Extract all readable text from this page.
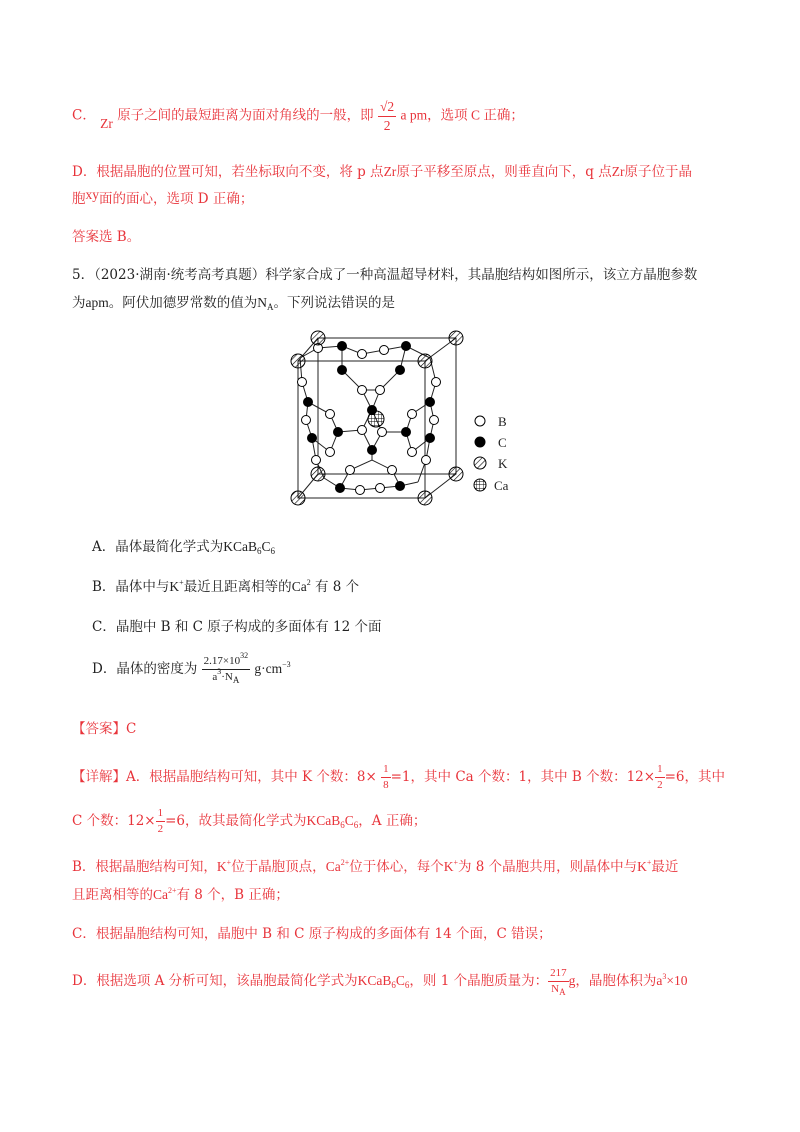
C． Zr 原子之间的最短距离为面对角线的一般，即 $\frac{√2}{2}$ a pm，选项 C 正确；
D．根据晶胞的位置可知，若坐标取向不变，将 p 点Zr原子平移至原点，则垂直向下，q 点Zr原子位于晶
胞xy面的面心，选项 D 正确；
答案选 B。
5．（2023·湖南·统考高考真题）科学家合成了一种高温超导材料，其晶胞结构如图所示，该立方晶胞参数
为apm。阿伏加德罗常数的值为$N_A$。下列说法错误的是
B
C
K
Ca
A．晶体最简化学式为$KCaB_6C_6$
B．晶体中与K+最近且距离相等的Ca$^2$ 有 8 个
C．晶胞中 B 和 C 原子构成的多面体有 12 个面
D．晶体的密度为 $\frac{2.17\times 10^{32}}{a^3\cdot N_A} g\cdot cm^{-3}$
【答案】C
【详解】A．根据晶胞结构可知，其中 K 个数：$8\times \frac{1}{8} =1$，其中 Ca 个数：1，其中 B 个数：$12\times \frac{1}{2} =6$，其中
C 个数：$12\times \frac{1}{2} =6$，故其最简化学式为$KCaB_6C_6$，A 正确；
B．根据晶胞结构可知，K+位于晶胞顶点，$Ca^{2+}$位于体心，每个K+为 8 个晶胞共用，则晶体中与K+最近
且距离相等的$Ca^{2+}$有 8 个，B 正确；
C．根据晶胞结构可知，晶胞中 B 和 C 原子构成的多面体有 14 个面，C 错误；
D．根据选项 A 分析可知，该晶胞最简化学式为$KCaB_6C_6$，则 1 个晶胞质量为： $\frac{217}{N_A}$ g，晶胞体积为$a^3\times 10$
